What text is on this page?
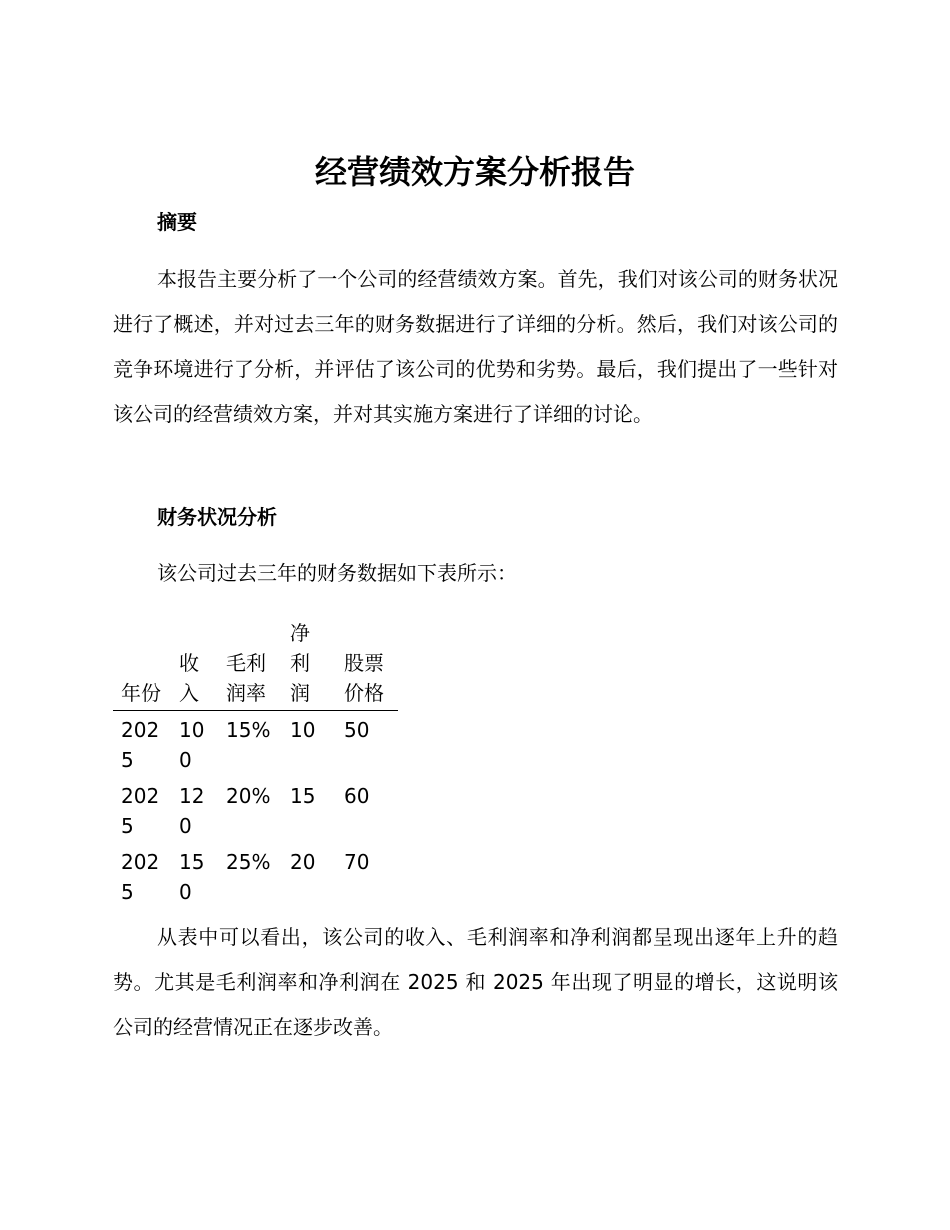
经营绩效方案分析报告
摘要
本报告主要分析了一个公司的经营绩效方案。首先，我们对该公司的财务状况进行了概述，并对过去三年的财务数据进行了详细的分析。然后，我们对该公司的竞争环境进行了分析，并评估了该公司的优势和劣势。最后，我们提出了一些针对该公司的经营绩效方案，并对其实施方案进行了详细的讨论。
财务状况分析
该公司过去三年的财务数据如下表所示：
年份	收入	毛利润率	净利润	股票价格

2025	100	15%	10	50

2025	120	20%	15	60

2025	150	25%	20	70
从表中可以看出，该公司的收入、毛利润率和净利润都呈现出逐年上升的趋势。尤其是毛利润率和净利润在 2025 和 2025 年出现了明显的增长，这说明该公司的经营情况正在逐步改善。
